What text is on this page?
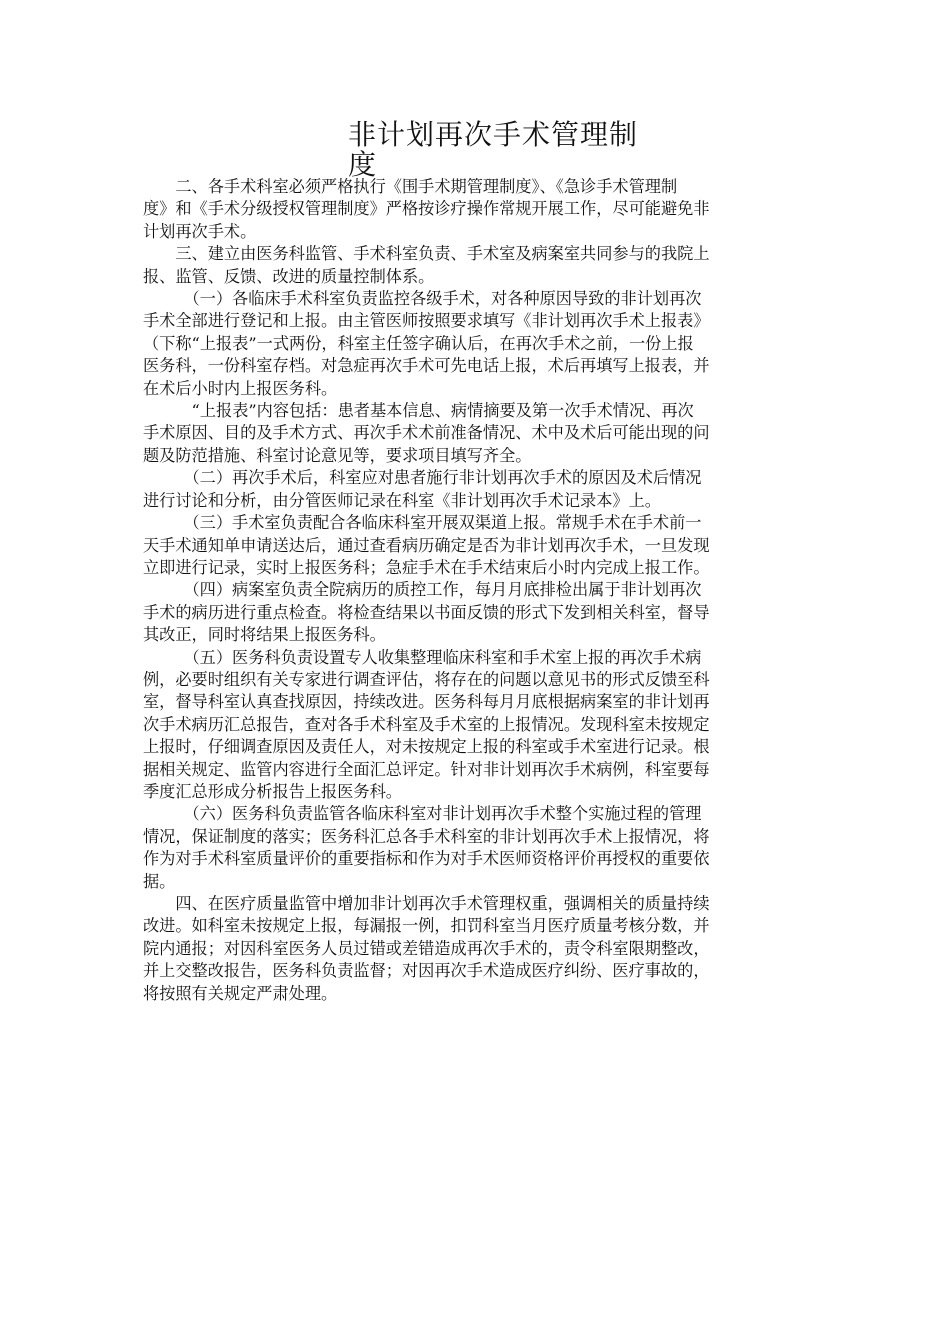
非计划再次手术管理制
度

　　二、各手术科室必须严格执行《围手术期管理制度》、《急诊手术管理制
度》和《手术分级授权管理制度》严格按诊疗操作常规开展工作，尽可能避免非
计划再次手术。

　　三、建立由医务科监管、手术科室负责、手术室及病案室共同参与的我院上
报、监管、反馈、改进的质量控制体系。

　　　（一）各临床手术科室负责监控各级手术，对各种原因导致的非计划再次
手术全部进行登记和上报。由主管医师按照要求填写《非计划再次手术上报表》
（下称“上报表”一式两份，科室主任签字确认后，在再次手术之前，一份上报
医务科，一份科室存档。对急症再次手术可先电话上报，术后再填写上报表，并
在术后小时内上报医务科。

　　　“上报表”内容包括：患者基本信息、病情摘要及第一次手术情况、再次
手术原因、目的及手术方式、再次手术术前准备情况、术中及术后可能出现的问
题及防范措施、科室讨论意见等，要求项目填写齐全。

　　　（二）再次手术后，科室应对患者施行非计划再次手术的原因及术后情况
进行讨论和分析，由分管医师记录在科室《非计划再次手术记录本》上。

　　　（三）手术室负责配合各临床科室开展双渠道上报。常规手术在手术前一
天手术通知单申请送达后，通过查看病历确定是否为非计划再次手术，一旦发现
立即进行记录，实时上报医务科；急症手术在手术结束后小时内完成上报工作。

　　　（四）病案室负责全院病历的质控工作，每月月底排检出属于非计划再次
手术的病历进行重点检查。将检查结果以书面反馈的形式下发到相关科室，督导
其改正，同时将结果上报医务科。

　　　（五）医务科负责设置专人收集整理临床科室和手术室上报的再次手术病
例，必要时组织有关专家进行调查评估，将存在的问题以意见书的形式反馈至科
室，督导科室认真查找原因，持续改进。医务科每月月底根据病案室的非计划再
次手术病历汇总报告，查对各手术科室及手术室的上报情况。发现科室未按规定
上报时，仔细调查原因及责任人，对未按规定上报的科室或手术室进行记录。根
据相关规定、监管内容进行全面汇总评定。针对非计划再次手术病例，科室要每
季度汇总形成分析报告上报医务科。

　　　（六）医务科负责监管各临床科室对非计划再次手术整个实施过程的管理
情况，保证制度的落实；医务科汇总各手术科室的非计划再次手术上报情况，将
作为对手术科室质量评价的重要指标和作为对手术医师资格评价再授权的重要依
据。

　　四、在医疗质量监管中增加非计划再次手术管理权重，强调相关的质量持续
改进。如科室未按规定上报，每漏报一例，扣罚科室当月医疗质量考核分数，并
院内通报；对因科室医务人员过错或差错造成再次手术的，责令科室限期整改，
并上交整改报告，医务科负责监督；对因再次手术造成医疗纠纷、医疗事故的，
将按照有关规定严肃处理。
